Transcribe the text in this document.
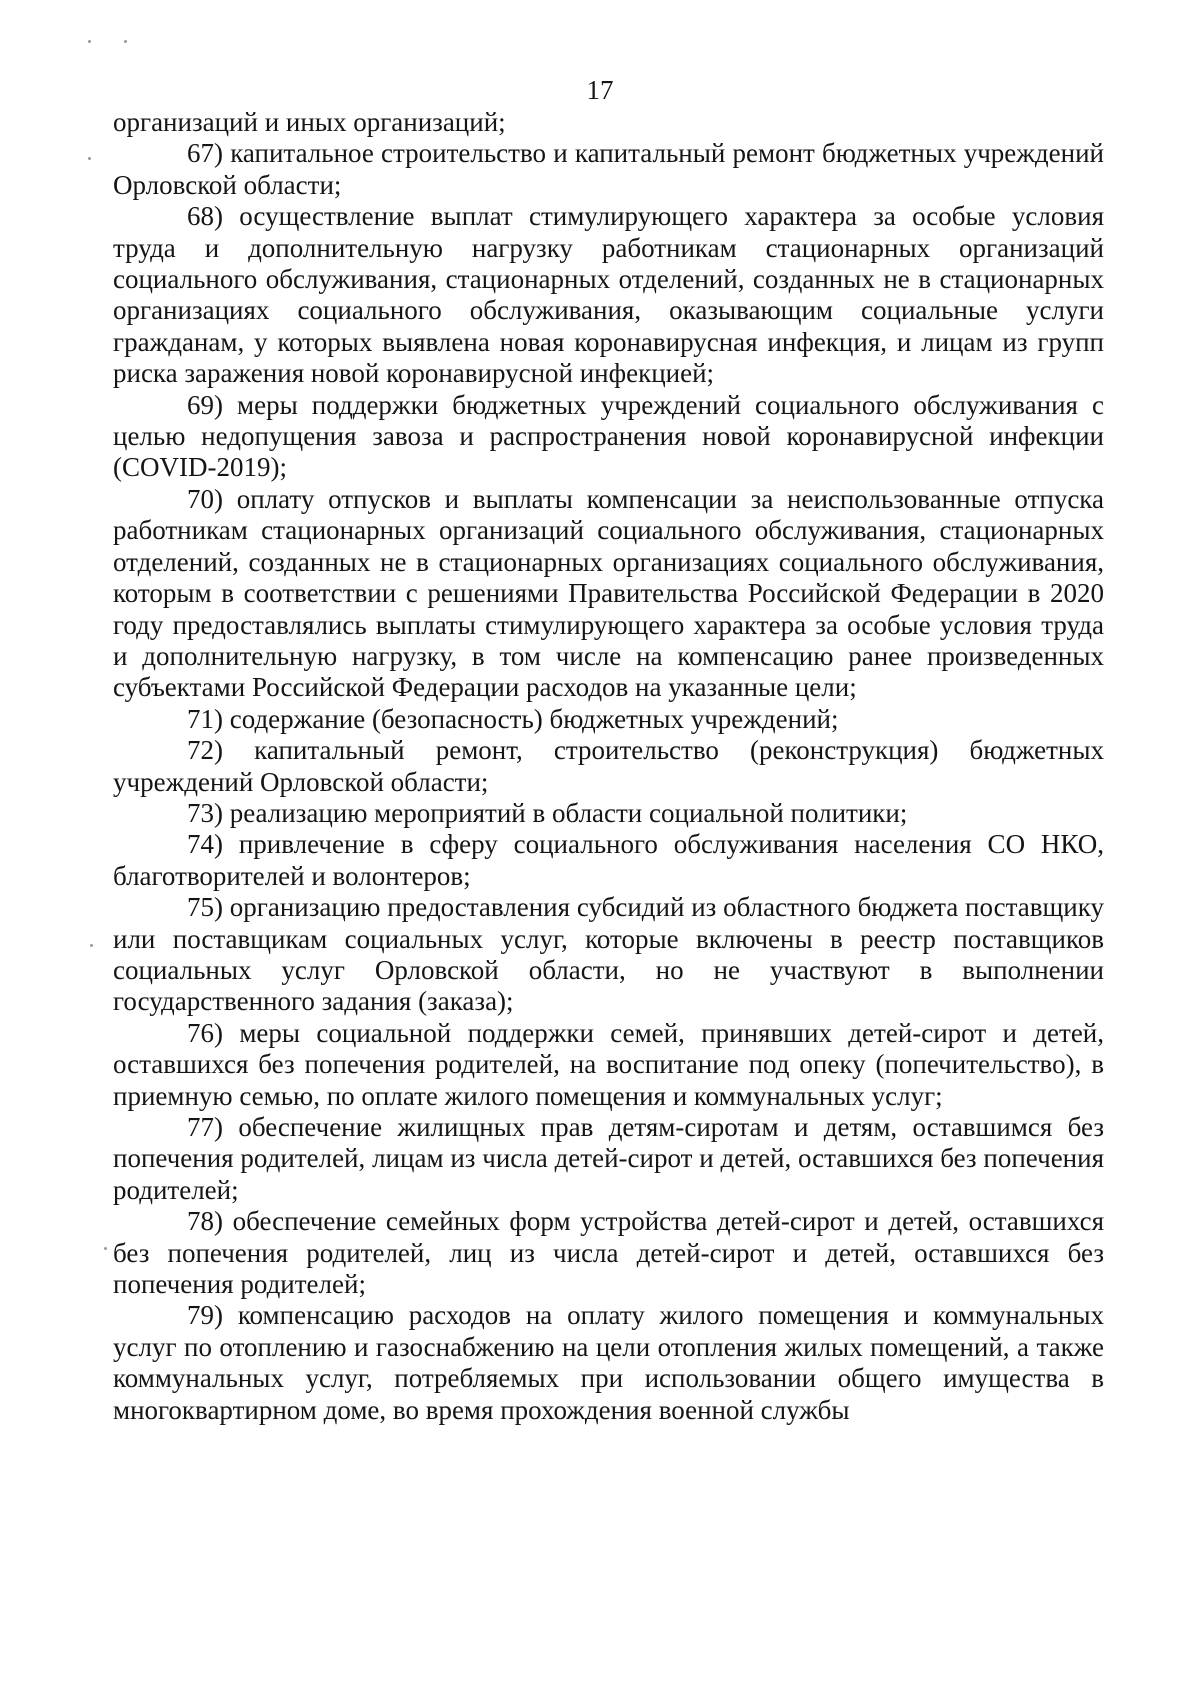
17

организаций и иных организаций;

67) капитальное строительство и капитальный ремонт бюджетных учреждений Орловской области;

68) осуществление выплат стимулирующего характера за особые условия труда и дополнительную нагрузку работникам стационарных организаций социального обслуживания, стационарных отделений, созданных не в стационарных организациях социального обслуживания, оказывающим социальные услуги гражданам, у которых выявлена новая коронавирусная инфекция, и лицам из групп риска заражения новой коронавирусной инфекцией;

69) меры поддержки бюджетных учреждений социального обслуживания с целью недопущения завоза и распространения новой коронавирусной инфекции (COVID-2019);

70) оплату отпусков и выплаты компенсации за неиспользованные отпуска работникам стационарных организаций социального обслуживания, стационарных отделений, созданных не в стационарных организациях социального обслуживания, которым в соответствии с решениями Правительства Российской Федерации в 2020 году предоставлялись выплаты стимулирующего характера за особые условия труда и дополнительную нагрузку, в том числе на компенсацию ранее произведенных субъектами Российской Федерации расходов на указанные цели;

71) содержание (безопасность) бюджетных учреждений;

72) капитальный ремонт, строительство (реконструкция) бюджетных учреждений Орловской области;

73) реализацию мероприятий в области социальной политики;

74) привлечение в сферу социального обслуживания населения СО НКО, благотворителей и волонтеров;

75) организацию предоставления субсидий из областного бюджета поставщику или поставщикам социальных услуг, которые включены в реестр поставщиков социальных услуг Орловской области, но не участвуют в выполнении государственного задания (заказа);

76) меры социальной поддержки семей, принявших детей-сирот и детей, оставшихся без попечения родителей, на воспитание под опеку (попечительство), в приемную семью, по оплате жилого помещения и коммунальных услуг;

77) обеспечение жилищных прав детям-сиротам и детям, оставшимся без попечения родителей, лицам из числа детей-сирот и детей, оставшихся без попечения родителей;

78) обеспечение семейных форм устройства детей-сирот и детей, оставшихся без попечения родителей, лиц из числа детей-сирот и детей, оставшихся без попечения родителей;

79) компенсацию расходов на оплату жилого помещения и коммунальных услуг по отоплению и газоснабжению на цели отопления жилых помещений, а также коммунальных услуг, потребляемых при использовании общего имущества в многоквартирном доме, во время прохождения военной службы
